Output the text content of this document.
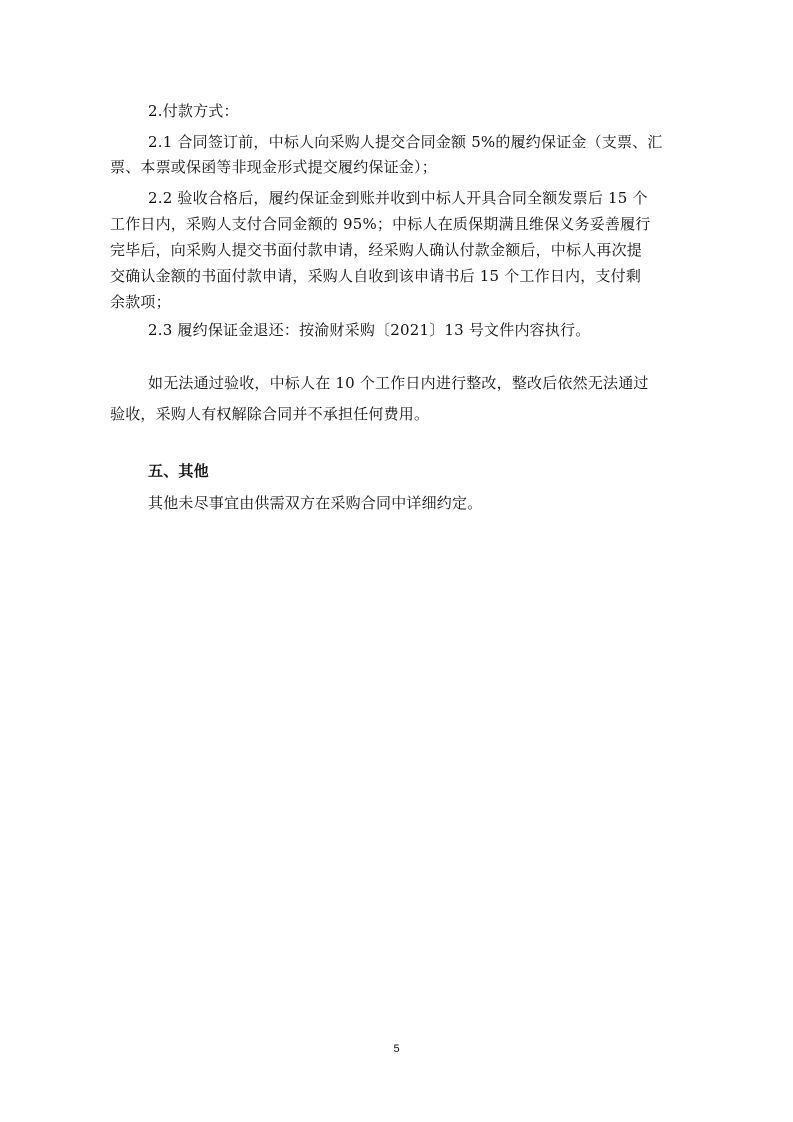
2.付款方式：
2.1 合同签订前，中标人向采购人提交合同金额 5%的履约保证金（支票、汇
票、本票或保函等非现金形式提交履约保证金）；
2.2 验收合格后，履约保证金到账并收到中标人开具合同全额发票后 15 个
工作日内，采购人支付合同金额的 95%；中标人在质保期满且维保义务妥善履行
完毕后，向采购人提交书面付款申请，经采购人确认付款金额后，中标人再次提
交确认金额的书面付款申请，采购人自收到该申请书后 15 个工作日内，支付剩
余款项；
2.3 履约保证金退还：按渝财采购〔2021〕13 号文件内容执行。
如无法通过验收，中标人在 10 个工作日内进行整改，整改后依然无法通过
验收，采购人有权解除合同并不承担任何费用。
五、其他
其他未尽事宜由供需双方在采购合同中详细约定。
5
